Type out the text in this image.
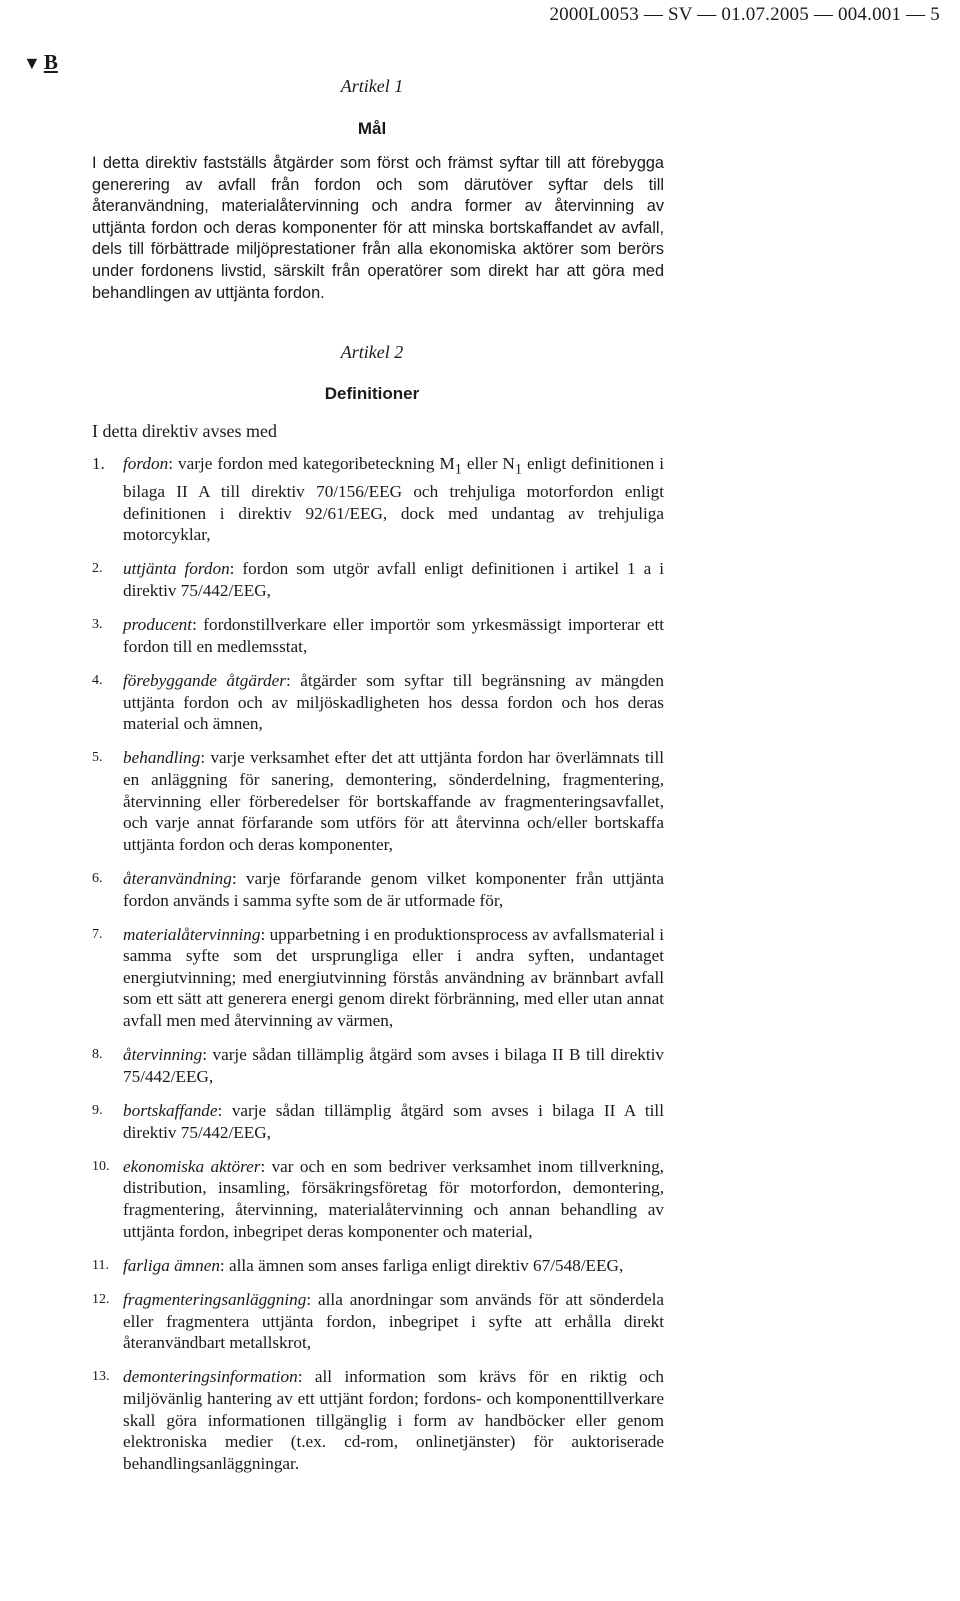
2000L0053 — SV — 01.07.2005 — 004.001 — 5
▼ B
Artikel 1
Mål
I detta direktiv fastställs åtgärder som först och främst syftar till att förebygga generering av avfall från fordon och som därutöver syftar dels till återanvändning, materialåtervinning och andra former av återvinning av uttjänta fordon och deras komponenter för att minska bortskaffandet av avfall, dels till förbättrade miljöprestationer från alla ekonomiska aktörer som berörs under fordonens livstid, särskilt från operatörer som direkt har att göra med behandlingen av uttjänta fordon.
Artikel 2
Definitioner
I detta direktiv avses med
1. fordon: varje fordon med kategoribeteckning $M_1$ eller $N_1$ enligt definitionen i bilaga II A till direktiv 70/156/EEG och trehjuliga motorfordon enligt definitionen i direktiv 92/61/EEG, dock med undantag av trehjuliga motorcyklar,
2. uttjänta fordon: fordon som utgör avfall enligt definitionen i artikel 1 a i direktiv 75/442/EEG,
3. producent: fordonstillverkare eller importör som yrkesmässigt importerar ett fordon till en medlemsstat,
4. förebyggande åtgärder: åtgärder som syftar till begränsning av mängden uttjänta fordon och av miljöskadligheten hos dessa fordon och hos deras material och ämnen,
5. behandling: varje verksamhet efter det att uttjänta fordon har överlämnats till en anläggning för sanering, demontering, sönderdelning, fragmentering, återvinning eller förberedelser för bortskaffande av fragmenteringsavfallet, och varje annat förfarande som utförs för att återvinna och/eller bortskaffa uttjänta fordon och deras komponenter,
6. återanvändning: varje förfarande genom vilket komponenter från uttjänta fordon används i samma syfte som de är utformade för,
7. materialåtervinning: upparbetning i en produktionsprocess av avfallsmaterial i samma syfte som det ursprungliga eller i andra syften, undantaget energiutvinning; med energiutvinning förstås användning av brännbart avfall som ett sätt att generera energi genom direkt förbränning, med eller utan annat avfall men med återvinning av värmen,
8. återvinning: varje sådan tillämplig åtgärd som avses i bilaga II B till direktiv 75/442/EEG,
9. bortskaffande: varje sådan tillämplig åtgärd som avses i bilaga II A till direktiv 75/442/EEG,
10. ekonomiska aktörer: var och en som bedriver verksamhet inom tillverkning, distribution, insamling, försäkringsföretag för motorfordon, demontering, fragmentering, återvinning, materialåtervinning och annan behandling av uttjänta fordon, inbegripet deras komponenter och material,
11. farliga ämnen: alla ämnen som anses farliga enligt direktiv 67/548/EEG,
12. fragmenteringsanläggning: alla anordningar som används för att sönderdela eller fragmentera uttjänta fordon, inbegripet i syfte att erhålla direkt återanvändbart metallskrot,
13. demonteringsinformation: all information som krävs för en riktig och miljövänlig hantering av ett uttjänt fordon; fordons- och komponenttillverkare skall göra informationen tillgänglig i form av handböcker eller genom elektroniska medier (t.ex. cd-rom, onlinetjänster) för auktoriserade behandlingsanläggningar.
